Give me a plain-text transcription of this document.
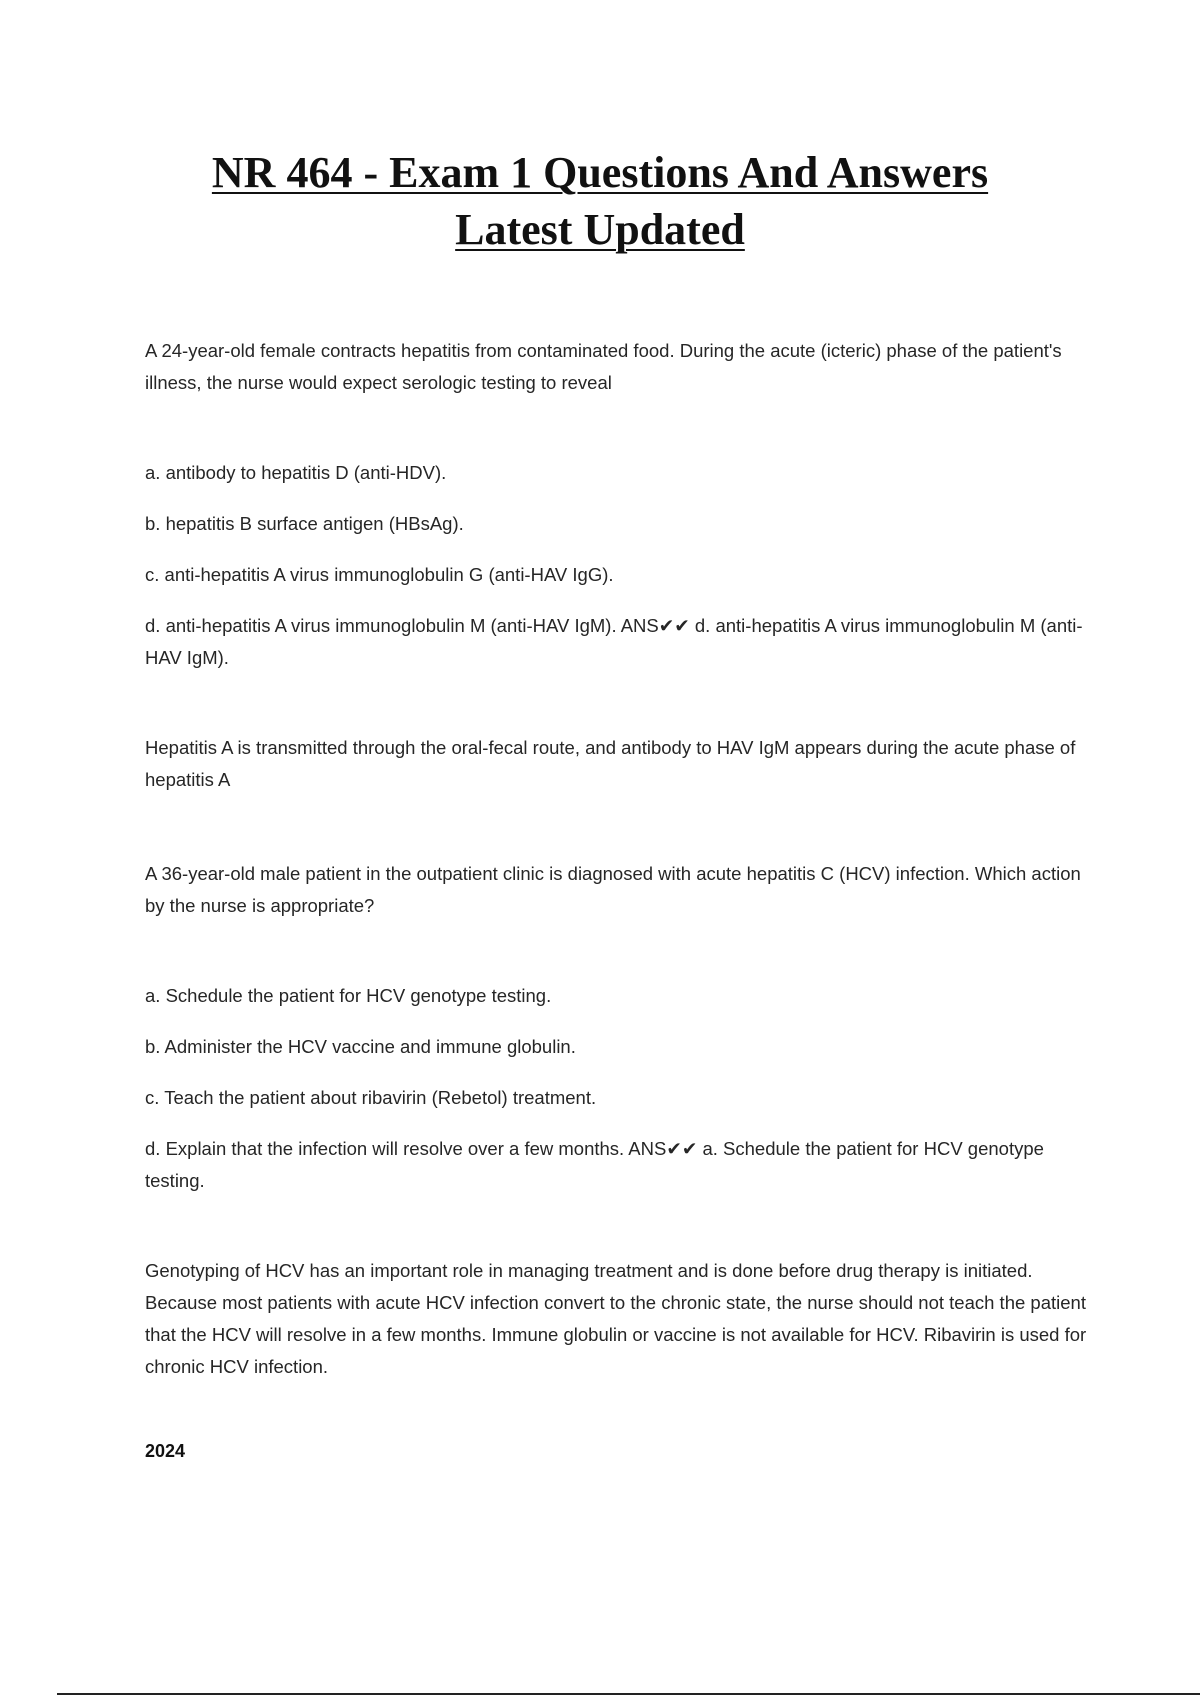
NR 464 - Exam 1 Questions And Answers
Latest Updated

A 24-year-old female contracts hepatitis from contaminated food. During the acute (icteric) phase of the patient's illness, the nurse would expect serologic testing to reveal

a. antibody to hepatitis D (anti-HDV).

b. hepatitis B surface antigen (HBsAg).

c. anti-hepatitis A virus immunoglobulin G (anti-HAV IgG).

d. anti-hepatitis A virus immunoglobulin M (anti-HAV IgM). ANS✔✔ d. anti-hepatitis A virus immunoglobulin M (anti-HAV IgM).

Hepatitis A is transmitted through the oral-fecal route, and antibody to HAV IgM appears during the acute phase of hepatitis A

A 36-year-old male patient in the outpatient clinic is diagnosed with acute hepatitis C (HCV) infection. Which action by the nurse is appropriate?

a. Schedule the patient for HCV genotype testing.

b. Administer the HCV vaccine and immune globulin.

c. Teach the patient about ribavirin (Rebetol) treatment.

d. Explain that the infection will resolve over a few months. ANS✔✔ a. Schedule the patient for HCV genotype testing.

Genotyping of HCV has an important role in managing treatment and is done before drug therapy is initiated. Because most patients with acute HCV infection convert to the chronic state, the nurse should not teach the patient that the HCV will resolve in a few months. Immune globulin or vaccine is not available for HCV. Ribavirin is used for chronic HCV infection.

2024
